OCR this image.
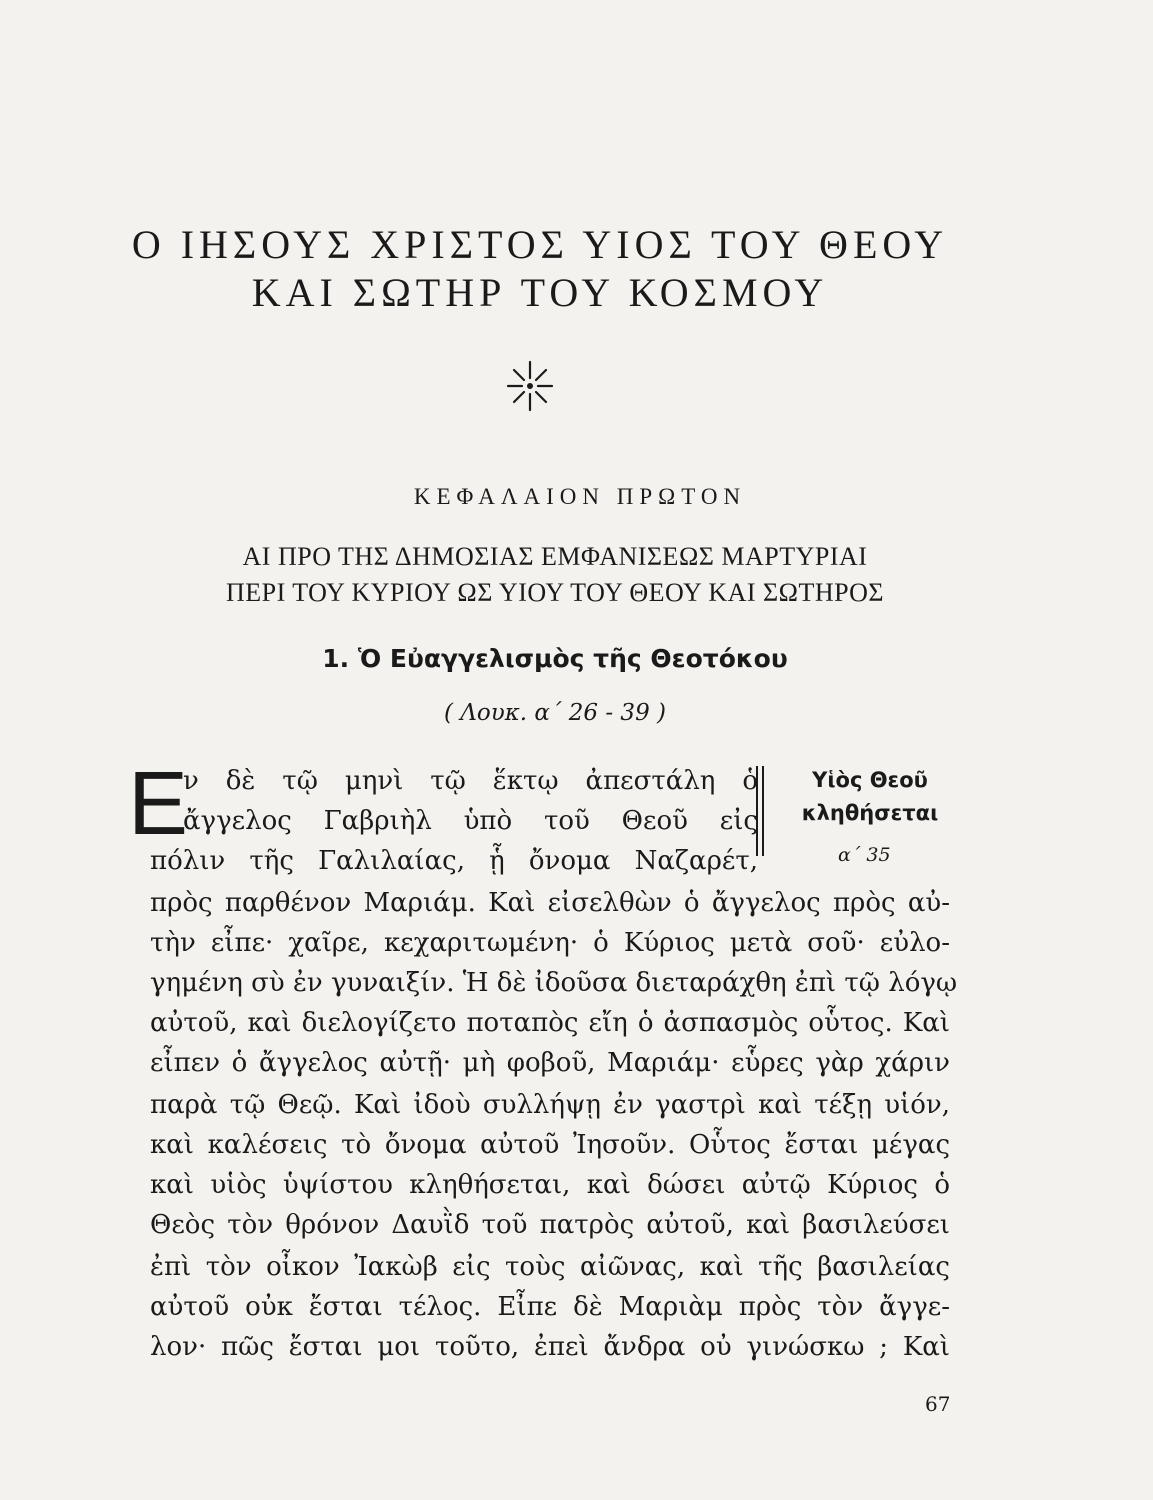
Ο ΙΗΣΟΥΣ ΧΡΙΣΤΟΣ ΥΙΟΣ ΤΟΥ ΘΕΟΥ
ΚΑΙ ΣΩΤΗΡ ΤΟΥ ΚΟΣΜΟΥ
ΚΕΦΑΛΑΙΟΝ ΠΡΩΤΟΝ
ΑΙ ΠΡΟ ΤΗΣ ΔΗΜΟΣΙΑΣ ΕΜΦΑΝΙΣΕΩΣ ΜΑΡΤΥΡΙΑΙ
ΠΕΡΙ ΤΟΥ ΚΥΡΙΟΥ ΩΣ ΥΙΟΥ ΤΟΥ ΘΕΟΥ ΚΑΙ ΣΩΤΗΡΟΣ
1. Ὁ Εὐαγγελισμὸς τῆς Θεοτόκου
( Λουκ. α΄ 26 - 39 )
Ε	Υἱὸς Θεοῦ
κληθήσεται
α΄ 35
ν δὲ τῷ μηνὶ τῷ ἕκτῳ ἀπεστάλη ὁ
ἄγγελος Γαβριὴλ ὑπὸ τοῦ Θεοῦ εἰς
πόλιν τῆς Γαλιλαίας, ᾗ ὄνομα Ναζαρέτ,
πρὸς παρθένον Μαριάμ. Καὶ εἰσελθὼν ὁ ἄγγελος πρὸς αὐ-
τὴν εἶπε· χαῖρε, κεχαριτωμένη· ὁ Κύριος μετὰ σοῦ· εὐλο-
γημένη σὺ ἐν γυναιξίν. Ἡ δὲ ἰδοῦσα διεταράχθη ἐπὶ τῷ λόγῳ
αὐτοῦ, καὶ διελογίζετο ποταπὸς εἴη ὁ ἀσπασμὸς οὗτος. Καὶ
εἶπεν ὁ ἄγγελος αὐτῇ· μὴ φοβοῦ, Μαριάμ· εὗρες γὰρ χάριν
παρὰ τῷ Θεῷ. Καὶ ἰδοὺ συλλήψῃ ἐν γαστρὶ καὶ τέξῃ υἱόν,
καὶ καλέσεις τὸ ὄνομα αὐτοῦ Ἰησοῦν. Οὗτος ἔσται μέγας
καὶ υἱὸς ὑψίστου κληθήσεται, καὶ δώσει αὐτῷ Κύριος ὁ
Θεὸς τὸν θρόνον Δαυῒδ τοῦ πατρὸς αὐτοῦ, καὶ βασιλεύσει
ἐπὶ τὸν οἶκον Ἰακὼβ εἰς τοὺς αἰῶνας, καὶ τῆς βασιλείας
αὐτοῦ οὐκ ἔσται τέλος. Εἶπε δὲ Μαριὰμ πρὸς τὸν ἄγγε-
λον· πῶς ἔσται μοι τοῦτο, ἐπεὶ ἄνδρα οὐ γινώσκω ; Καὶ
67
